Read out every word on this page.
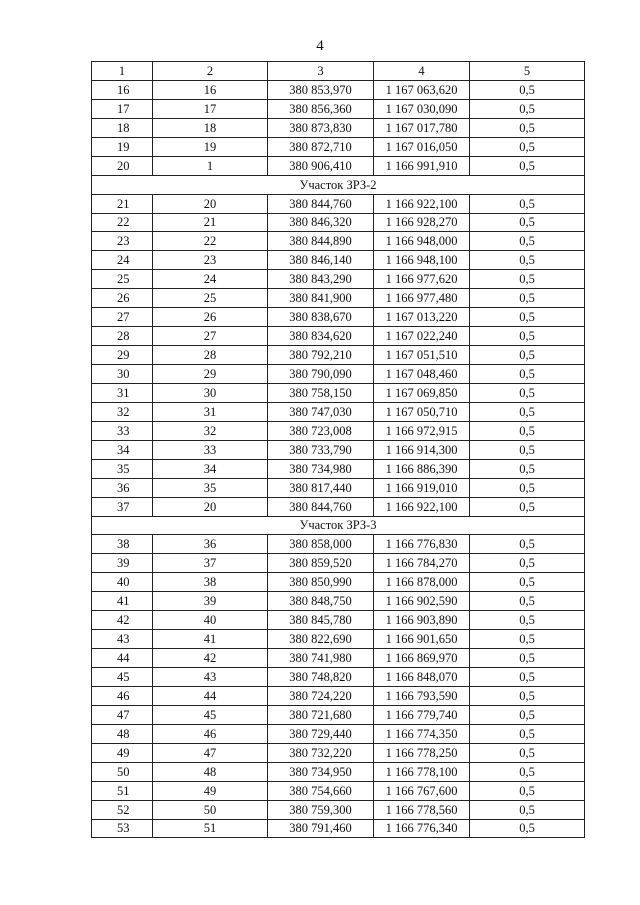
4
1	2	3	4	5
16	16	380 853,970	1 167 063,620	0,5
17	17	380 856,360	1 167 030,090	0,5
18	18	380 873,830	1 167 017,780	0,5
19	19	380 872,710	1 167 016,050	0,5
20	1	380 906,410	1 166 991,910	0,5
Участок ЗРЗ-2				
21	20	380 844,760	1 166 922,100	0,5
22	21	380 846,320	1 166 928,270	0,5
23	22	380 844,890	1 166 948,000	0,5
24	23	380 846,140	1 166 948,100	0,5
25	24	380 843,290	1 166 977,620	0,5
26	25	380 841,900	1 166 977,480	0,5
27	26	380 838,670	1 167 013,220	0,5
28	27	380 834,620	1 167 022,240	0,5
29	28	380 792,210	1 167 051,510	0,5
30	29	380 790,090	1 167 048,460	0,5
31	30	380 758,150	1 167 069,850	0,5
32	31	380 747,030	1 167 050,710	0,5
33	32	380 723,008	1 166 972,915	0,5
34	33	380 733,790	1 166 914,300	0,5
35	34	380 734,980	1 166 886,390	0,5
36	35	380 817,440	1 166 919,010	0,5
37	20	380 844,760	1 166 922,100	0,5
Участок ЗРЗ-3				
38	36	380 858,000	1 166 776,830	0,5
39	37	380 859,520	1 166 784,270	0,5
40	38	380 850,990	1 166 878,000	0,5
41	39	380 848,750	1 166 902,590	0,5
42	40	380 845,780	1 166 903,890	0,5
43	41	380 822,690	1 166 901,650	0,5
44	42	380 741,980	1 166 869,970	0,5
45	43	380 748,820	1 166 848,070	0,5
46	44	380 724,220	1 166 793,590	0,5
47	45	380 721,680	1 166 779,740	0,5
48	46	380 729,440	1 166 774,350	0,5
49	47	380 732,220	1 166 778,250	0,5
50	48	380 734,950	1 166 778,100	0,5
51	49	380 754,660	1 166 767,600	0,5
52	50	380 759,300	1 166 778,560	0,5
53	51	380 791,460	1 166 776,340	0,5
